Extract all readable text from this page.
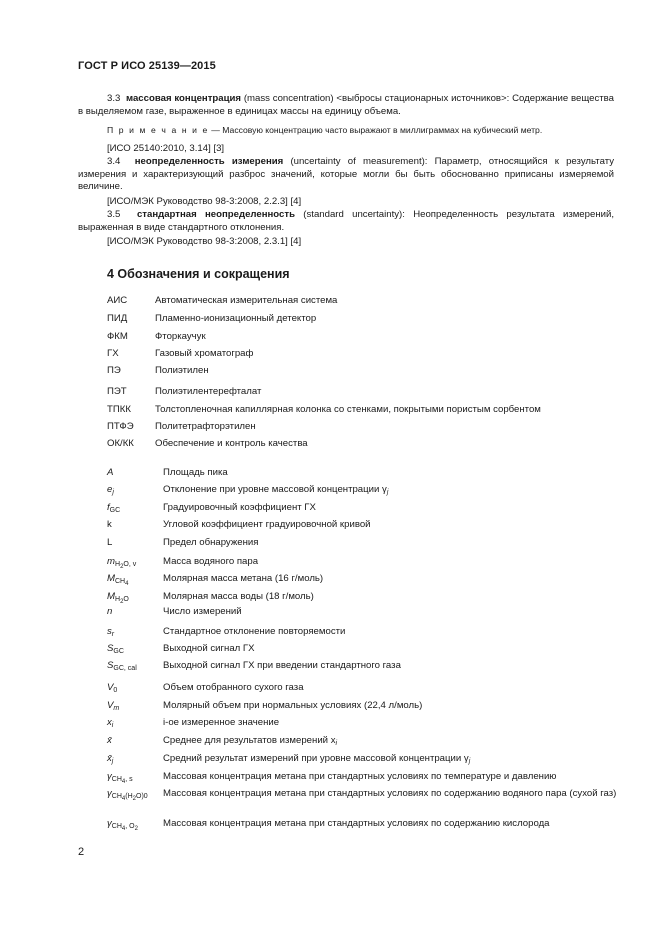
ГОСТ Р ИСО 25139—2015
3.3 массовая концентрация (mass concentration) <выбросы стационарных источников>: Содержание вещества в выделяемом газе, выраженное в единицах массы на единицу объема.
П р и м е ч а н и е — Массовую концентрацию часто выражают в миллиграммах на кубический метр.
[ИСО 25140:2010, 3.14] [3]
3.4 неопределенность измерения (uncertainty of measurement): Параметр, относящийся к результату измерения и характеризующий разброс значений, которые могли бы быть обоснованно приписаны измеряемой величине.
[ИСО/МЭК Руководство 98-3:2008, 2.2.3] [4]
3.5 стандартная неопределенность (standard uncertainty): Неопределенность результата измерений, выраженная в виде стандартного отклонения.
[ИСО/МЭК Руководство 98-3:2008, 2.3.1] [4]
4 Обозначения и сокращения
АИС	Автоматическая измерительная система
ПИД	Пламенно-ионизационный детектор
ФКМ	Фторкаучук
ГХ	Газовый хроматограф
ПЭ	Полиэтилен
ПЭТ	Полиэтилентерефталат
ТПКК	Толстопленочная капиллярная колонка со стенками, покрытыми пористым сорбентом
ПТФЭ Политетрафторэтилен
ОК/КК Обеспечение и контроль качества
A	Площадь пика
$e_j$	Отклонение при уровне массовой концентрации $\gamma_j$
$f_{GC}$	Градуировочный коэффициент ГХ
k	Угловой коэффициент градуировочной кривой
L	Предел обнаружения
$m_{H_2O, v}$	Масса водяного пара
$M_{CH_4}$	Молярная масса метана (16 г/моль)
$M_{H_2O}$	Молярная масса воды (18 г/моль)
n	Число измерений
$s_r$	Стандартное отклонение повторяемости
$S_{GC}$	Выходной сигнал ГХ
$S_{GC, cal}$	Выходной сигнал ГХ при введении стандартного газа
$V_0$	Объем отобранного сухого газа
$V_m$	Молярный объем при нормальных условиях (22,4 л/моль)
$x_i$	i-ое измеренное значение
x̄	Среднее для результатов измерений $x_i$
$x̄_j$	Средний результат измерений при уровне массовой концентрации $\gamma_j$
$\gamma_{CH_4, s}$	Массовая концентрация метана при стандартных условиях по температуре и давлению
$\gamma_{CH_4(H_2O)0}$	Массовая концентрация метана при стандартных условиях по содержанию водяного пара (сухой газ)
$\gamma_{CH_4, O_2}$	Массовая концентрация метана при стандартных условиях по содержанию кислорода
2
